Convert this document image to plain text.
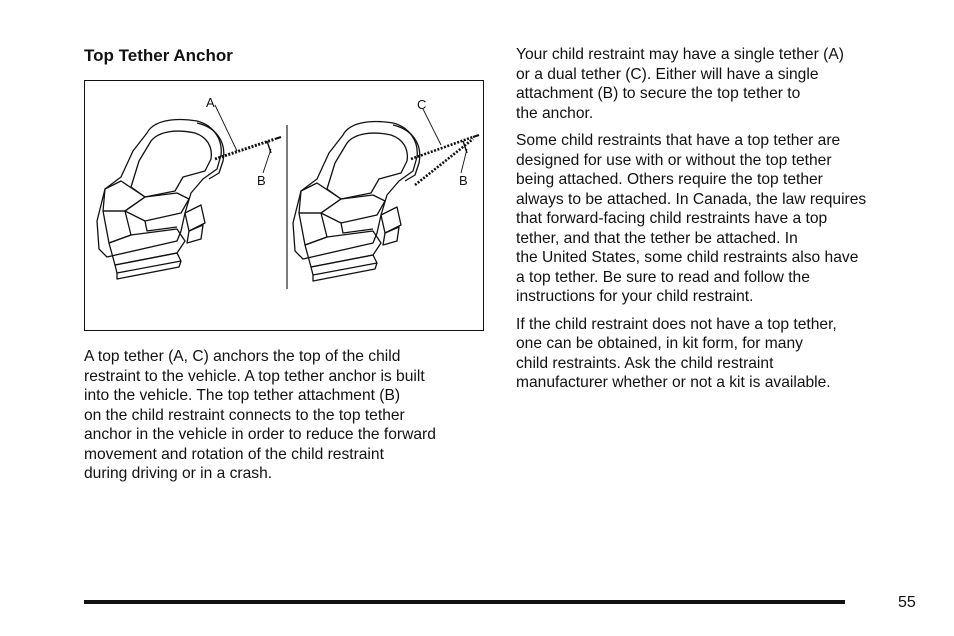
Top Tether Anchor
A
B
C
B

A top tether (A, C) anchors the top of the child
restraint to the vehicle. A top tether anchor is built
into the vehicle. The top tether attachment (B)
on the child restraint connects to the top tether
anchor in the vehicle in order to reduce the forward
movement and rotation of the child restraint
during driving or in a crash.

Your child restraint may have a single tether (A)
or a dual tether (C). Either will have a single
attachment (B) to secure the top tether to
the anchor.

Some child restraints that have a top tether are
designed for use with or without the top tether
being attached. Others require the top tether
always to be attached. In Canada, the law requires
that forward-facing child restraints have a top
tether, and that the tether be attached. In
the United States, some child restraints also have
a top tether. Be sure to read and follow the
instructions for your child restraint.

If the child restraint does not have a top tether,
one can be obtained, in kit form, for many
child restraints. Ask the child restraint
manufacturer whether or not a kit is available.

55
